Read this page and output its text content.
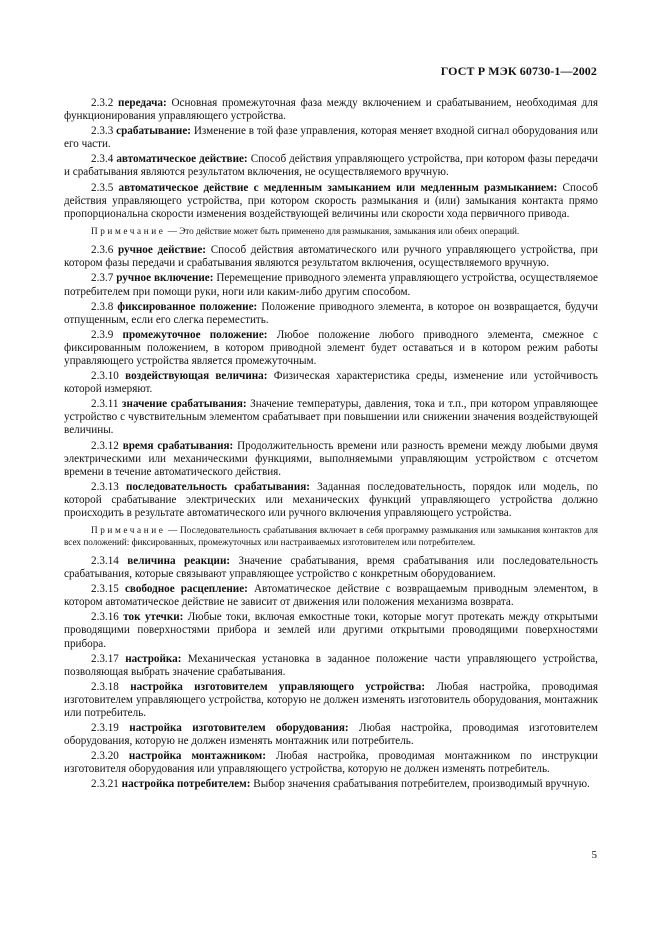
ГОСТ Р МЭК 60730-1—2002

2.3.2 передача: Основная промежуточная фаза между включением и срабатыванием, необходимая для функционирования управляющего устройства.

2.3.3 срабатывание: Изменение в той фазе управления, которая меняет входной сигнал оборудования или его части.

2.3.4 автоматическое действие: Способ действия управляющего устройства, при котором фазы передачи и срабатывания являются результатом включения, не осуществляемого вручную.

2.3.5 автоматическое действие с медленным замыканием или медленным размыканием: Способ действия управляющего устройства, при котором скорость размыкания и (или) замыкания контакта прямо пропорциональна скорости изменения воздействующей величины или скорости хода первичного привода.

Примечание — Это действие может быть применено для размыкания, замыкания или обеих операций.

2.3.6 ручное действие: Способ действия автоматического или ручного управляющего устройства, при котором фазы передачи и срабатывания являются результатом включения, осуществляемого вручную.

2.3.7 ручное включение: Перемещение приводного элемента управляющего устройства, осуществляемое потребителем при помощи руки, ноги или каким-либо другим способом.

2.3.8 фиксированное положение: Положение приводного элемента, в которое он возвращается, будучи отпущенным, если его слегка переместить.

2.3.9 промежуточное положение: Любое положение любого приводного элемента, смежное с фиксированным положением, в котором приводной элемент будет оставаться и в котором режим работы управляющего устройства является промежуточным.

2.3.10 воздействующая величина: Физическая характеристика среды, изменение или устойчивость которой измеряют.

2.3.11 значение срабатывания: Значение температуры, давления, тока и т.п., при котором управляющее устройство с чувствительным элементом срабатывает при повышении или снижении значения воздействующей величины.

2.3.12 время срабатывания: Продолжительность времени или разность времени между любыми двумя электрическими или механическими функциями, выполняемыми управляющим устройством с отсчетом времени в течение автоматического действия.

2.3.13 последовательность срабатывания: Заданная последовательность, порядок или модель, по которой срабатывание электрических или механических функций управляющего устройства должно происходить в результате автоматического или ручного включения управляющего устройства.

Примечание — Последовательность срабатывания включает в себя программу размыкания или замыкания контактов для всех положений: фиксированных, промежуточных или настраиваемых изготовителем или потребителем.

2.3.14 величина реакции: Значение срабатывания, время срабатывания или последовательность срабатывания, которые связывают управляющее устройство с конкретным оборудованием.

2.3.15 свободное расцепление: Автоматическое действие с возвращаемым приводным элементом, в котором автоматическое действие не зависит от движения или положения механизма возврата.

2.3.16 ток утечки: Любые токи, включая емкостные токи, которые могут протекать между открытыми проводящими поверхностями прибора и землей или другими открытыми проводящими поверхностями прибора.

2.3.17 настройка: Механическая установка в заданное положение части управляющего устройства, позволяющая выбрать значение срабатывания.

2.3.18 настройка изготовителем управляющего устройства: Любая настройка, проводимая изготовителем управляющего устройства, которую не должен изменять изготовитель оборудования, монтажник или потребитель.

2.3.19 настройка изготовителем оборудования: Любая настройка, проводимая изготовителем оборудования, которую не должен изменять монтажник или потребитель.

2.3.20 настройка монтажником: Любая настройка, проводимая монтажником по инструкции изготовителя оборудования или управляющего устройства, которую не должен изменять потребитель.

2.3.21 настройка потребителем: Выбор значения срабатывания потребителем, производимый вручную.

5
